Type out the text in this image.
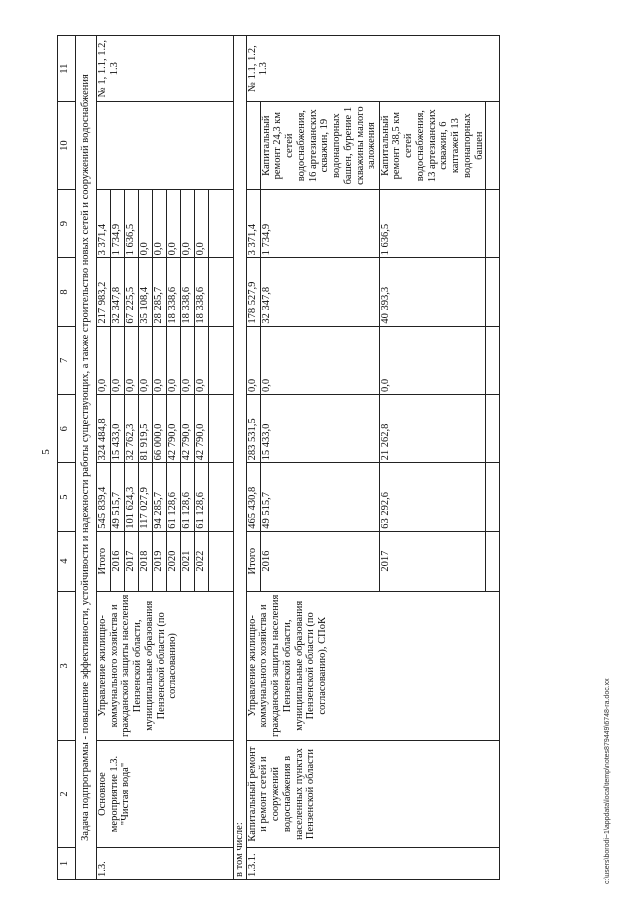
5
1	2	3	4	5	6	7	8	9	10	11
Задача подпрограммы - повышение эффективности, устойчивости и надежности работы существующих, а также строительство новых сетей и сооружений водоснабжения										
1.3.	Основное мероприятие 1.3. "Чистая вода"	Управление жилищно-коммунального хозяйства и гражданской защиты населения Пензенской области, муниципальные образования Пензенской области (по согласованию)	Итого	545 839,4	324 484,8	0,0	217 983,2	3 371,4		№ 1, 1.1, 1.2, 1.3
			2016	49 515,7	15 433,0	0,0	32 347,8	1 734,9		
			2017	101 624,3	32 762,3	0,0	67 225,5	1 636,5		
			2018	117 027,9	81 919,5	0,0	35 108,4	0,0		
			2019	94 285,7	66 000,0	0,0	28 285,7	0,0		
			2020	61 128,6	42 790,0	0,0	18 338,6	0,0		
			2021	61 128,6	42 790,0	0,0	18 338,6	0,0		
			2022	61 128,6	42 790,0	0,0	18 338,6	0,0		

в том числе:										
1.3.1.	Капитальный ремонт и ремонт сетей и сооружений водоснабжения в населенных пунктах Пензенской области	Управление жилищно-коммунального хозяйства и гражданской защиты населения Пензенской области, муниципальные образования Пензенской области (по согласованию), СПоК	Итого	465 430,8	283 531,5	0,0	178 527,9	3 371,4		№ 1.1, 1.2, 1.3
			2016	49 515,7	15 433,0	0,0	32 347,8	1 734,9	Капитальный ремонт 24,3 км сетей водоснабжения, 16 артезианских скважин, 19 водонапорных башен, бурение 1 скважины малого заложения	
			2017	63 292,6	21 262,8	0,0	40 393,3	1 636,5	Капитальный ремонт 38,5 км сетей водоснабжения, 13 артезианских скважин, 6 каптажей 13 водонапорных башен	

c:\users\borodi~1\appdata\local\temp\notes879449\6748-ra.doc.xx
